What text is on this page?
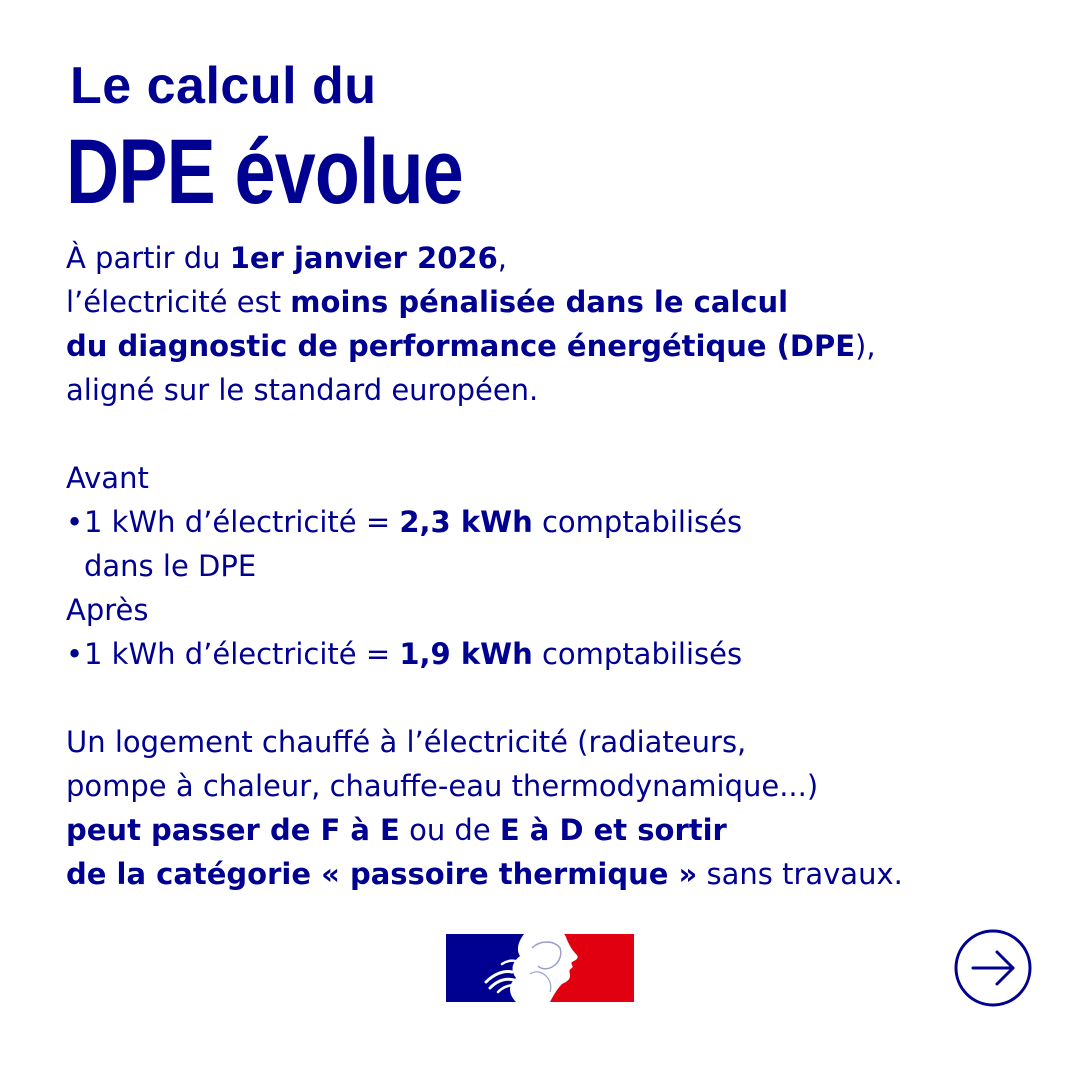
Le calcul du
DPE évolue

À partir du 1er janvier 2026,

l’électricité est moins pénalisée dans le calcul

du diagnostic de performance énergétique (DPE),

aligné sur le standard européen.

Avant

•1 kWh d’électricité = 2,3 kWh comptabilisés

dans le DPE

Après

•1 kWh d’électricité = 1,9 kWh comptabilisés

Un logement chauffé à l’électricité (radiateurs,

pompe à chaleur, chauffe-eau thermodynamique...)

peut passer de F à E ou de E à D et sortir

de la catégorie « passoire thermique » sans travaux.
